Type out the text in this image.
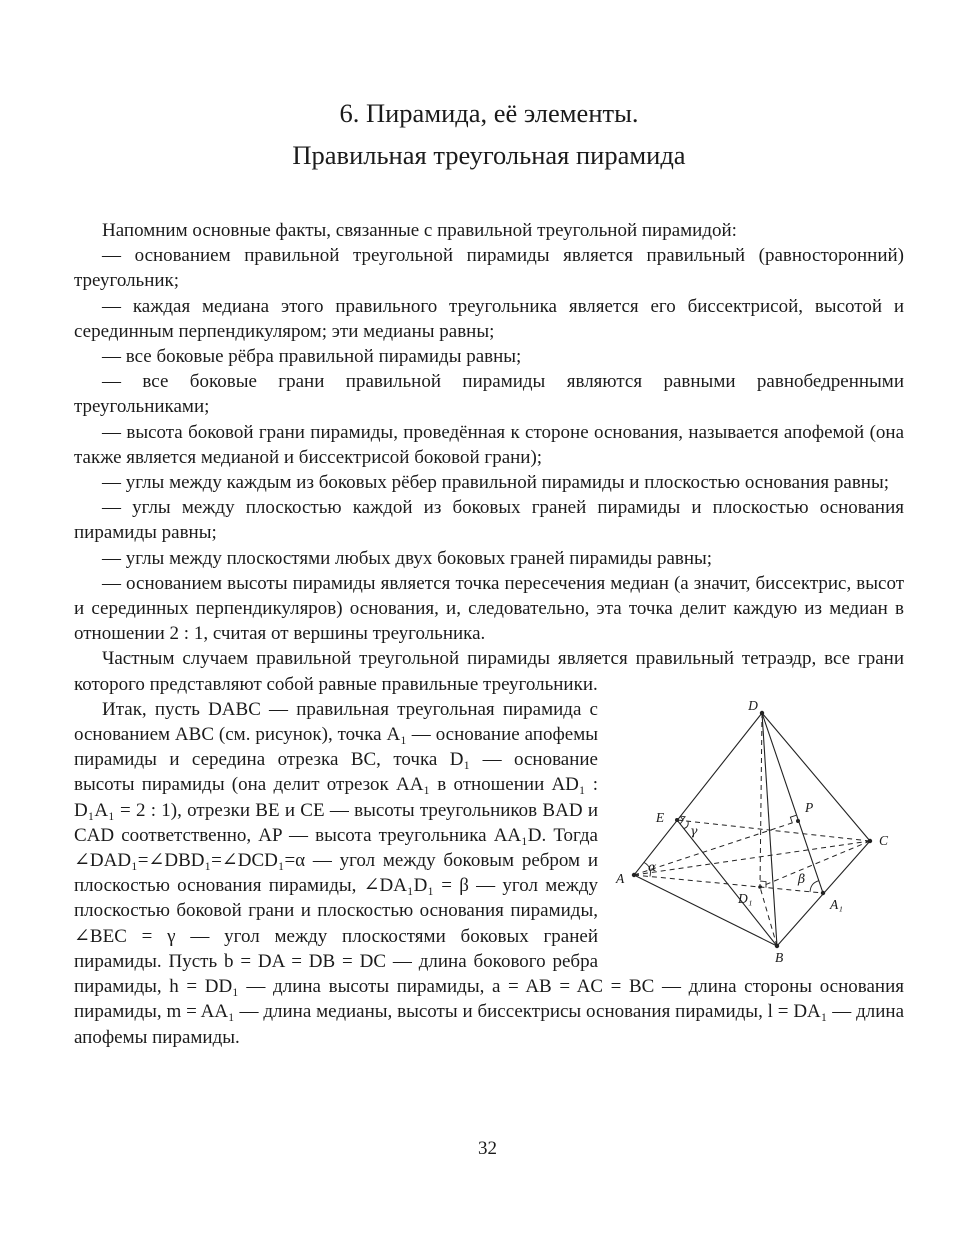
6. Пирамида, её элементы.
Правильная треугольная пирамида

Напомним основные факты, связанные с правильной треугольной пирамидой:

— основанием правильной треугольной пирамиды является правильный (равносторонний) треугольник;

— каждая медиана этого правильного треугольника является его биссектрисой, высотой и серединным перпендикуляром; эти медианы равны;

— все боковые рёбра правильной пирамиды равны;

— все боковые грани правильной пирамиды являются равными равнобедренными треугольниками;

— высота боковой грани пирамиды, проведённая к стороне основания, называется апофемой (она также является медианой и биссектрисой боковой грани);

— углы между каждым из боковых рёбер правильной пирамиды и плоскостью основания равны;

— углы между плоскостью каждой из боковых граней пирамиды и плоскостью основания пирамиды равны;

— углы между плоскостями любых двух боковых граней пирамиды равны;

— основанием высоты пирамиды является точка пересечения медиан (а значит, биссектрис, высот и серединных перпендикуляров) основания, и, следовательно, эта точка делит каждую из медиан в отношении 2 : 1, считая от вершины треугольника.

Частным случаем правильной треугольной пирамиды является правильный тетраэдр, все грани которого представляют собой равные правильные треугольники.

D
E
P
C
A
D₁	A₁
B
α
β
γ
Итак, пусть DABC — правильная треугольная пирамида с основанием ABC (см. рисунок), точка A₁ — основание апофемы пирамиды и середина отрезка BC, точка D₁ — основание высоты пирамиды (она делит отрезок AA₁ в отношении AD₁ : D₁A₁ = 2 : 1), отрезки BE и CE — высоты треугольников BAD и CAD соответственно, AP — высота треугольника AA₁D. Тогда ∠DAD₁=∠DBD₁=∠DCD₁=α — угол между боковым ребром и плоскостью основания пирамиды, ∠DA₁D₁ = β — угол между плоскостью боковой грани и плоскостью основания пирамиды, ∠BEC = γ — угол между плоскостями боковых граней пирамиды. Пусть b = DA = DB = DC — длина бокового ребра пирамиды, h = DD₁ — длина высоты пирамиды, a = AB = AC = BC — длина стороны основания пирамиды, m = AA₁ — длина медианы, высоты и биссектрисы основания пирамиды, l = DA₁ — длина апофемы пирамиды.
32
